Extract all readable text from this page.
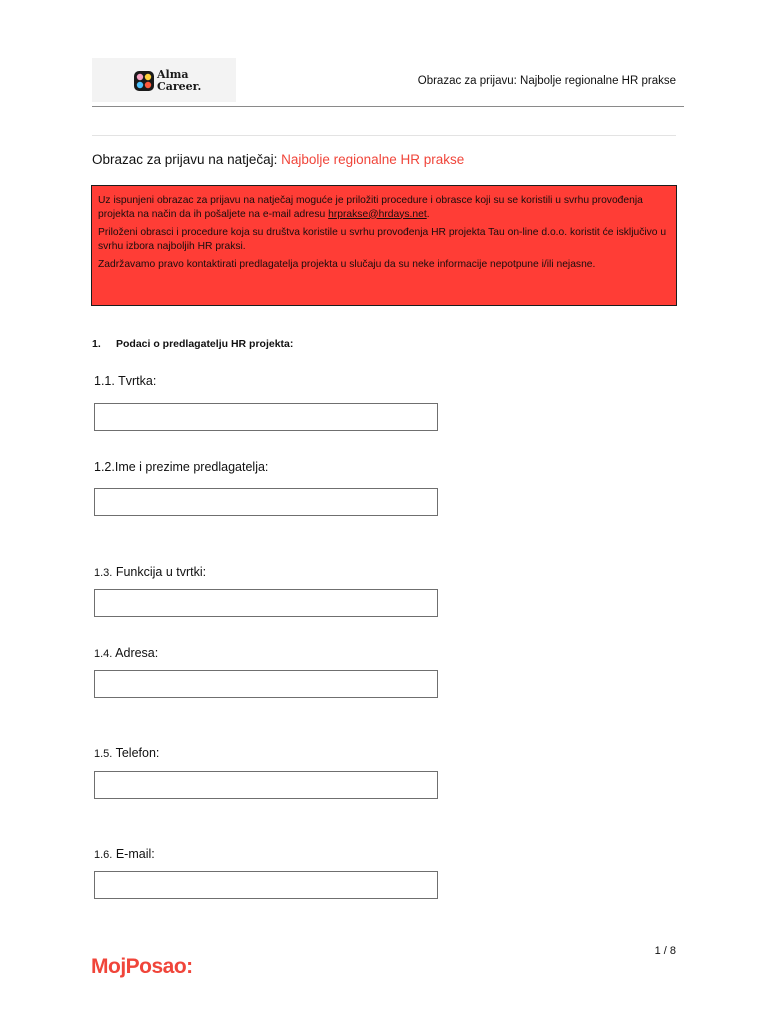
Alma
Career.	Obrazac za prijavu: Najbolje regionalne HR prakse
Obrazac za prijavu na natječaj: Najbolje regionalne HR prakse

Uz ispunjeni obrazac za prijavu na natječaj moguće je priložiti procedure i obrasce koji su se koristili u svrhu provođenja projekta na način da ih pošaljete na e-mail adresu hrprakse@hrdays.net.

Priloženi obrasci i procedure koja su društva koristile u svrhu provođenja HR projekta Tau on-line d.o.o. koristit će isključivo u svrhu izbora najboljih HR praksi.

Zadržavamo pravo kontaktirati predlagatelja projekta u slučaju da su neke informacije nepotpune i/ili nejasne.

1. Podaci o predlagatelju HR projekta:
1.1. Tvrtka:
1.2.Ime i prezime predlagatelja:
1.3. Funkcija u tvrtki:
1.4. Adresa:
1.5. Telefon:
1.6. E-mail:
1 / 8
MojPosao:
